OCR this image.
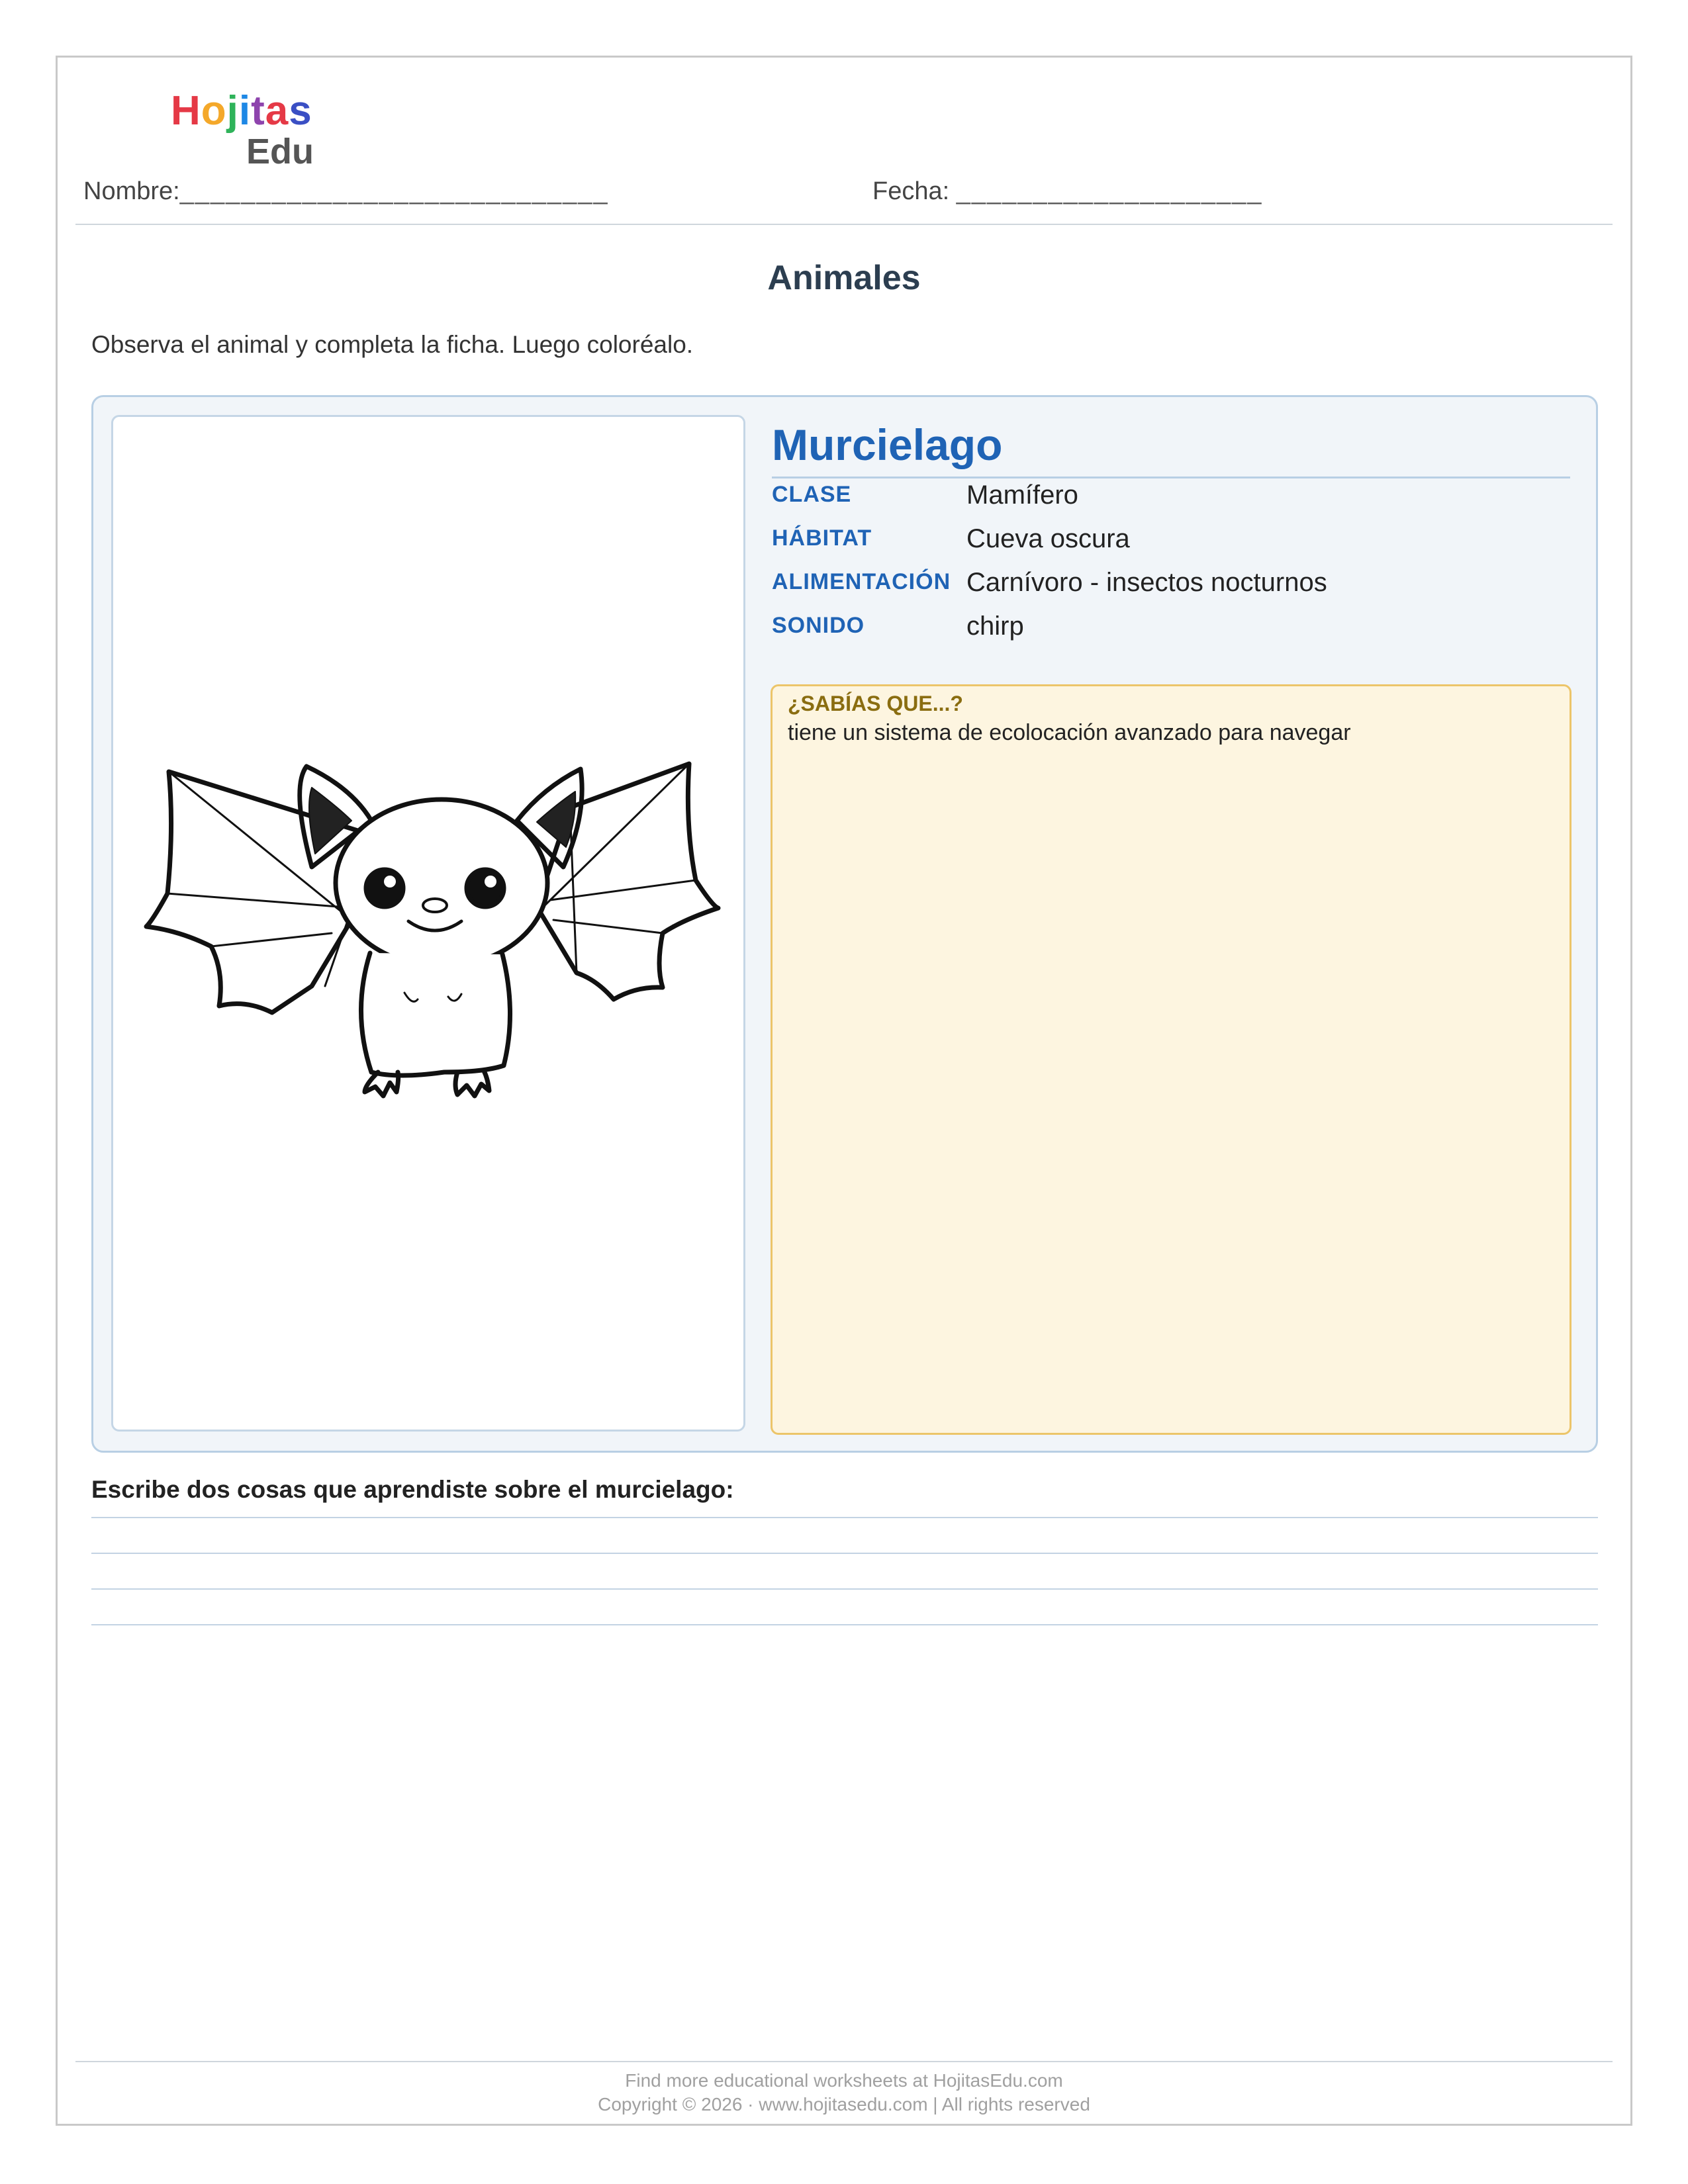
Hojitas
Edu
Nombre:____________________________	Fecha: ____________________
Animales
Observa el animal y completa la ficha. Luego coloréalo.
Murcielago
CLASE	Mamífero
HÁBITAT	Cueva oscura
ALIMENTACIÓN Carnívoro - insectos nocturnos
SONIDO	chirp
¿SABÍAS QUE...?
tiene un sistema de ecolocación avanzado para navegar
Escribe dos cosas que aprendiste sobre el murcielago:
Find more educational worksheets at HojitasEdu.com
Copyright © 2026 · www.hojitasedu.com | All rights reserved
